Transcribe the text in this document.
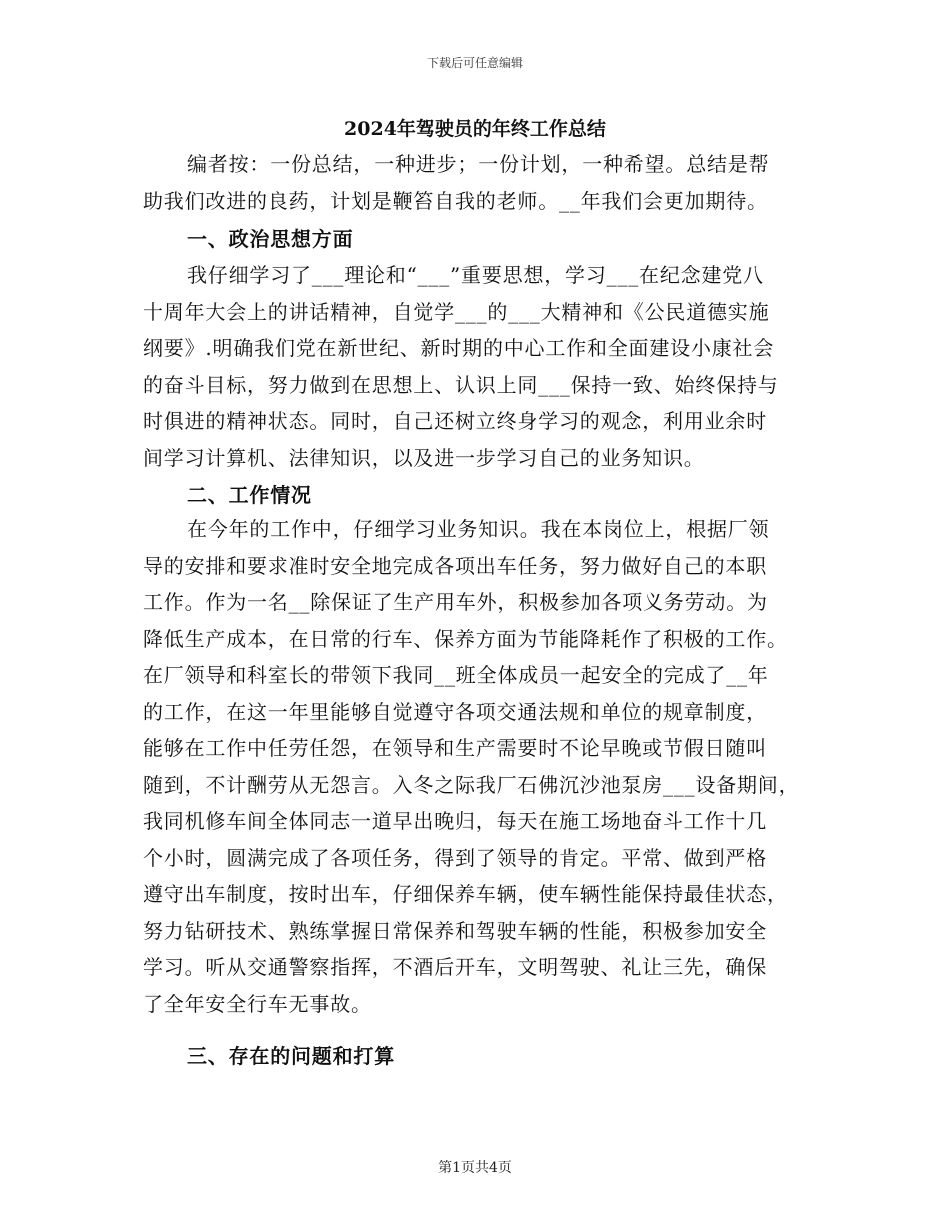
下载后可任意编辑
2024年驾驶员的年终工作总结

编者按：一份总结，一种进步；一份计划，一种希望。总结是帮
助我们改进的良药，计划是鞭笞自我的老师。__年我们会更加期待。

一、政治思想方面

我仔细学习了___理论和“___”重要思想，学习___在纪念建党八
十周年大会上的讲话精神，自觉学___的___大精神和《公民道德实施
纲要》.明确我们党在新世纪、新时期的中心工作和全面建设小康社会
的奋斗目标，努力做到在思想上、认识上同___保持一致、始终保持与
时俱进的精神状态。同时，自己还树立终身学习的观念，利用业余时
间学习计算机、法律知识，以及进一步学习自己的业务知识。

二、工作情况

在今年的工作中，仔细学习业务知识。我在本岗位上，根据厂领
导的安排和要求准时安全地完成各项出车任务，努力做好自己的本职
工作。作为一名__除保证了生产用车外，积极参加各项义务劳动。为
降低生产成本，在日常的行车、保养方面为节能降耗作了积极的工作。
在厂领导和科室长的带领下我同__班全体成员一起安全的完成了__年
的工作，在这一年里能够自觉遵守各项交通法规和单位的规章制度，
能够在工作中任劳任怨，在领导和生产需要时不论早晚或节假日随叫
随到，不计酬劳从无怨言。入冬之际我厂石佛沉沙池泵房___设备期间，
我同机修车间全体同志一道早出晚归，每天在施工场地奋斗工作十几
个小时，圆满完成了各项任务，得到了领导的肯定。平常、做到严格
遵守出车制度，按时出车，仔细保养车辆，使车辆性能保持最佳状态，
努力钻研技术、熟练掌握日常保养和驾驶车辆的性能，积极参加安全
学习。听从交通警察指挥，不酒后开车，文明驾驶、礼让三先，确保
了全年安全行车无事故。

三、存在的问题和打算
第1页共4页
